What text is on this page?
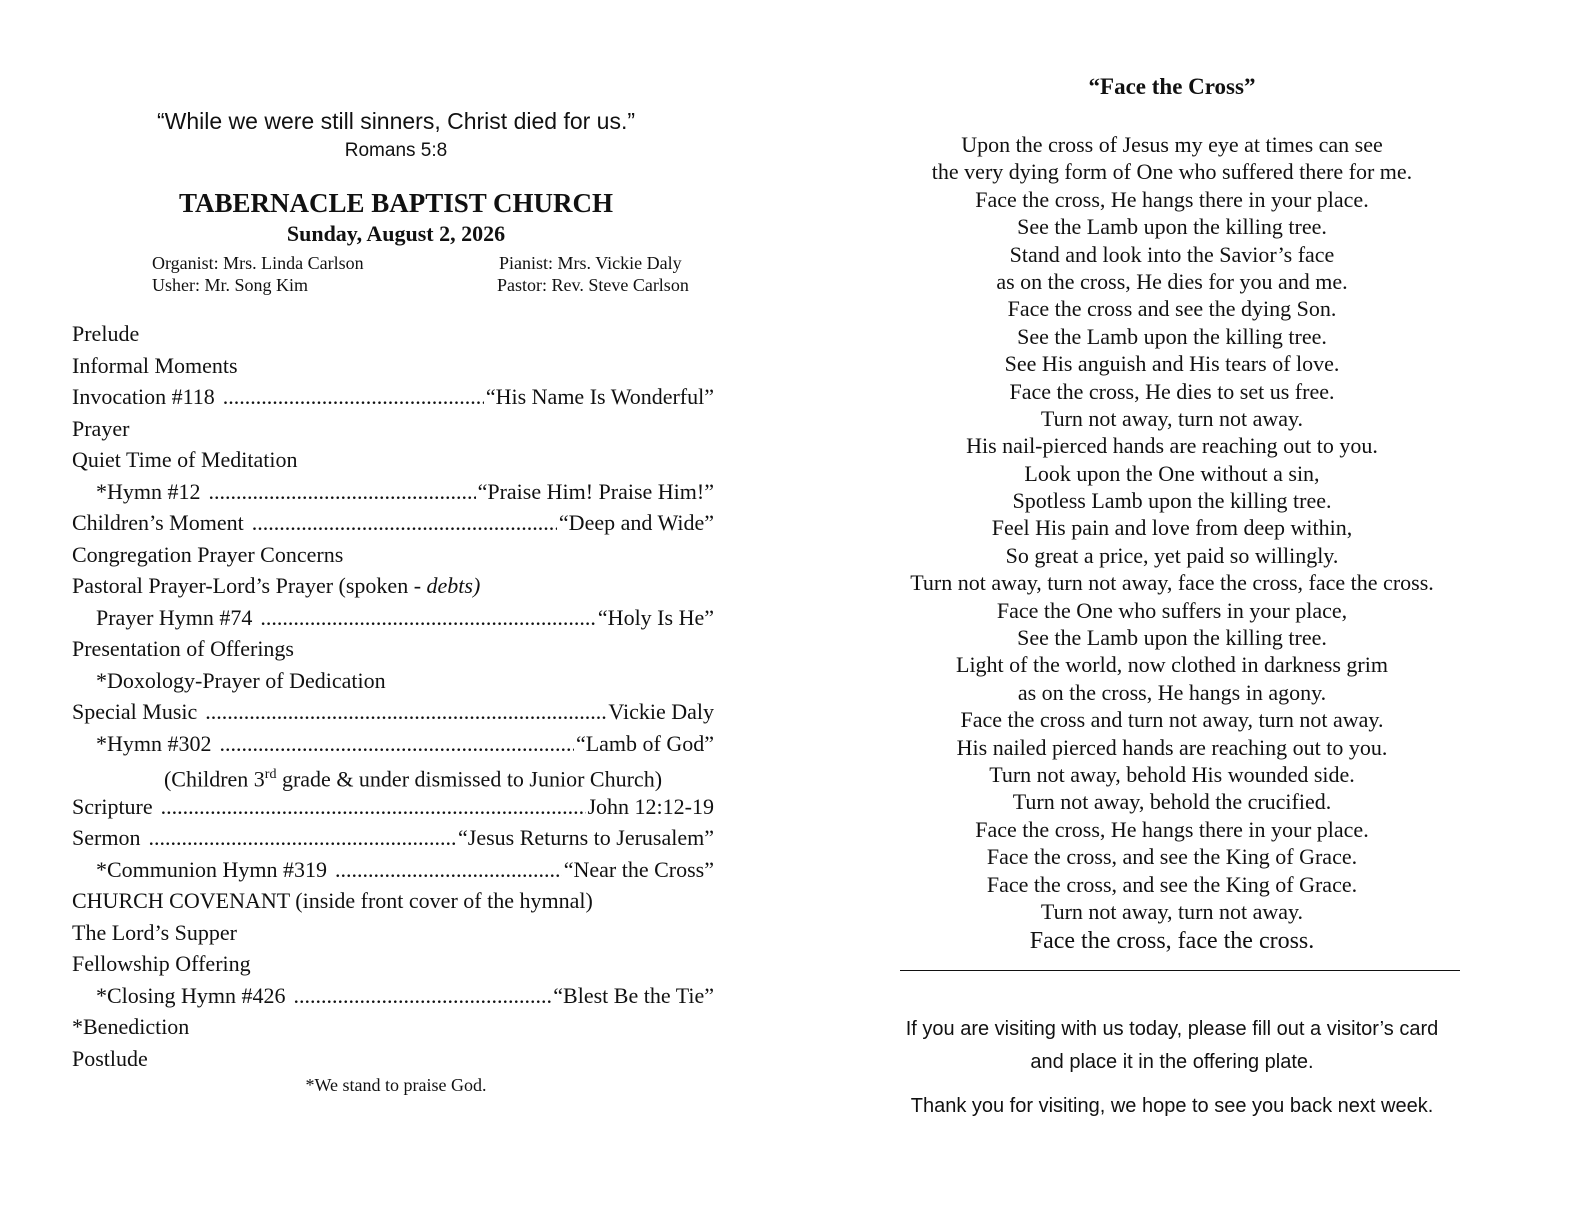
“While we were still sinners, Christ died for us.”
Romans 5:8
TABERNACLE BAPTIST CHURCH
Sunday, August 2, 2026
Organist: Mrs. Linda Carlson	Pianist: Mrs. Vickie Daly
Usher: Mr. Song Kim	Pastor: Rev. Steve Carlson
Prelude
Informal Moments
Invocation #118 .....	“His Name Is Wonderful”
Prayer
Quiet Time of Meditation
*Hymn #12 .....	“Praise Him! Praise Him!”
Children’s Moment .....	“Deep and Wide”
Congregation Prayer Concerns
Pastoral Prayer-Lord’s Prayer (spoken - debts)
Prayer Hymn #74 .....	“Holy Is He”
Presentation of Offerings
*Doxology-Prayer of Dedication
Special Music .....	Vickie Daly
*Hymn #302 .....	“Lamb of God”
(Children 3rd grade & under dismissed to Junior Church)
Scripture .....	John 12:12-19
Sermon .....	“Jesus Returns to Jerusalem”
*Communion Hymn #319 .....	“Near the Cross”
CHURCH COVENANT (inside front cover of the hymnal)
The Lord’s Supper
Fellowship Offering
*Closing Hymn #426 .....	“Blest Be the Tie”
*Benediction
Postlude
*We stand to praise God.
“Face the Cross”
Upon the cross of Jesus my eye at times can see
the very dying form of One who suffered there for me.
Face the cross, He hangs there in your place.
See the Lamb upon the killing tree.
Stand and look into the Savior’s face
as on the cross, He dies for you and me.
Face the cross and see the dying Son.
See the Lamb upon the killing tree.
See His anguish and His tears of love.
Face the cross, He dies to set us free.
Turn not away, turn not away.
His nail-pierced hands are reaching out to you.
Look upon the One without a sin,
Spotless Lamb upon the killing tree.
Feel His pain and love from deep within,
So great a price, yet paid so willingly.
Turn not away, turn not away, face the cross, face the cross.
Face the One who suffers in your place,
See the Lamb upon the killing tree.
Light of the world, now clothed in darkness grim
as on the cross, He hangs in agony.
Face the cross and turn not away, turn not away.
His nailed pierced hands are reaching out to you.
Turn not away, behold His wounded side.
Turn not away, behold the crucified.
Face the cross, He hangs there in your place.
Face the cross, and see the King of Grace.
Face the cross, and see the King of Grace.
Turn not away, turn not away.
Face the cross, face the cross.
If you are visiting with us today, please fill out a visitor’s card
and place it in the offering plate.
Thank you for visiting, we hope to see you back next week.
